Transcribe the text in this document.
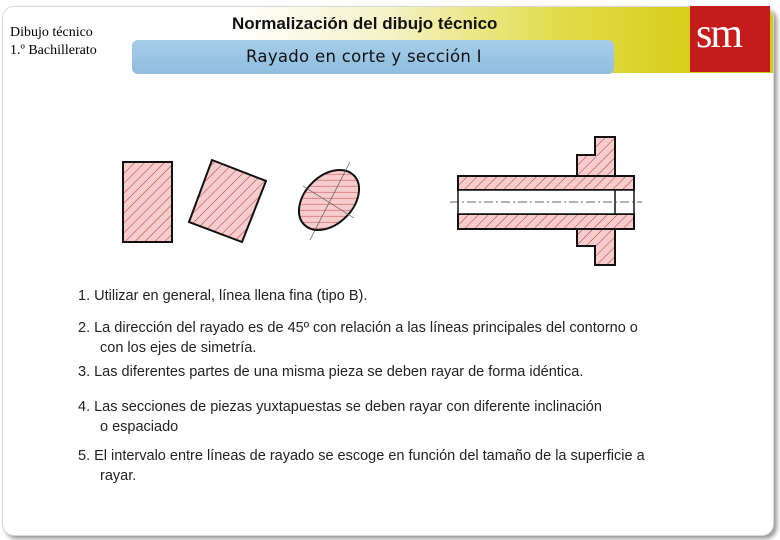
Dibujo técnico
1.º Bachillerato
Normalización del dibujo técnico
Rayado en corte y sección I	sm
1. Utilizar en general, línea llena fina (tipo B).
2. La dirección del rayado es de 45º con relación a las líneas principales del contorno o
con los ejes de simetría.
3. Las diferentes partes de una misma pieza se deben rayar de forma idéntica.
4. Las secciones de piezas yuxtapuestas se deben rayar con diferente inclinación
o espaciado
5. El intervalo entre líneas de rayado se escoge en función del tamaño de la superficie a
rayar.
